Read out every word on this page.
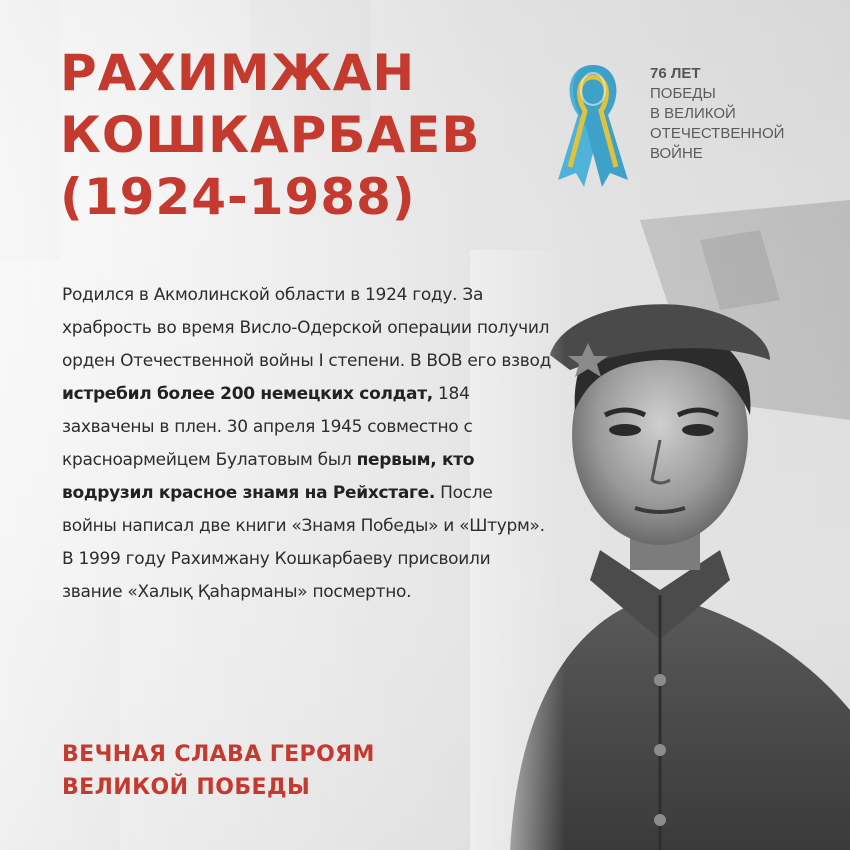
РАХИМЖАН
КОШКАРБАЕВ
(1924-1988)
76 ЛЕТ
ПОБЕДЫ
В ВЕЛИКОЙ
ОТЕЧЕСТВЕННОЙ
ВОЙНЕ

Родился в Акмолинской области в 1924 году. За храбрость во время Висло-Одерской операции получил орден Отечественной войны I степени. В ВОВ его взвод истребил более 200 немецких солдат, 184 захвачены в плен. 30 апреля 1945 совместно с красноармейцем Булатовым был первым, кто водрузил красное знамя на Рейхстаге. После войны написал две книги «Знамя Победы» и «Штурм». В 1999 году Рахимжану Кошкарбаеву присвоили звание «Халық Қаһарманы» посмертно.

ВЕЧНАЯ СЛАВА ГЕРОЯМ
ВЕЛИКОЙ ПОБЕДЫ
